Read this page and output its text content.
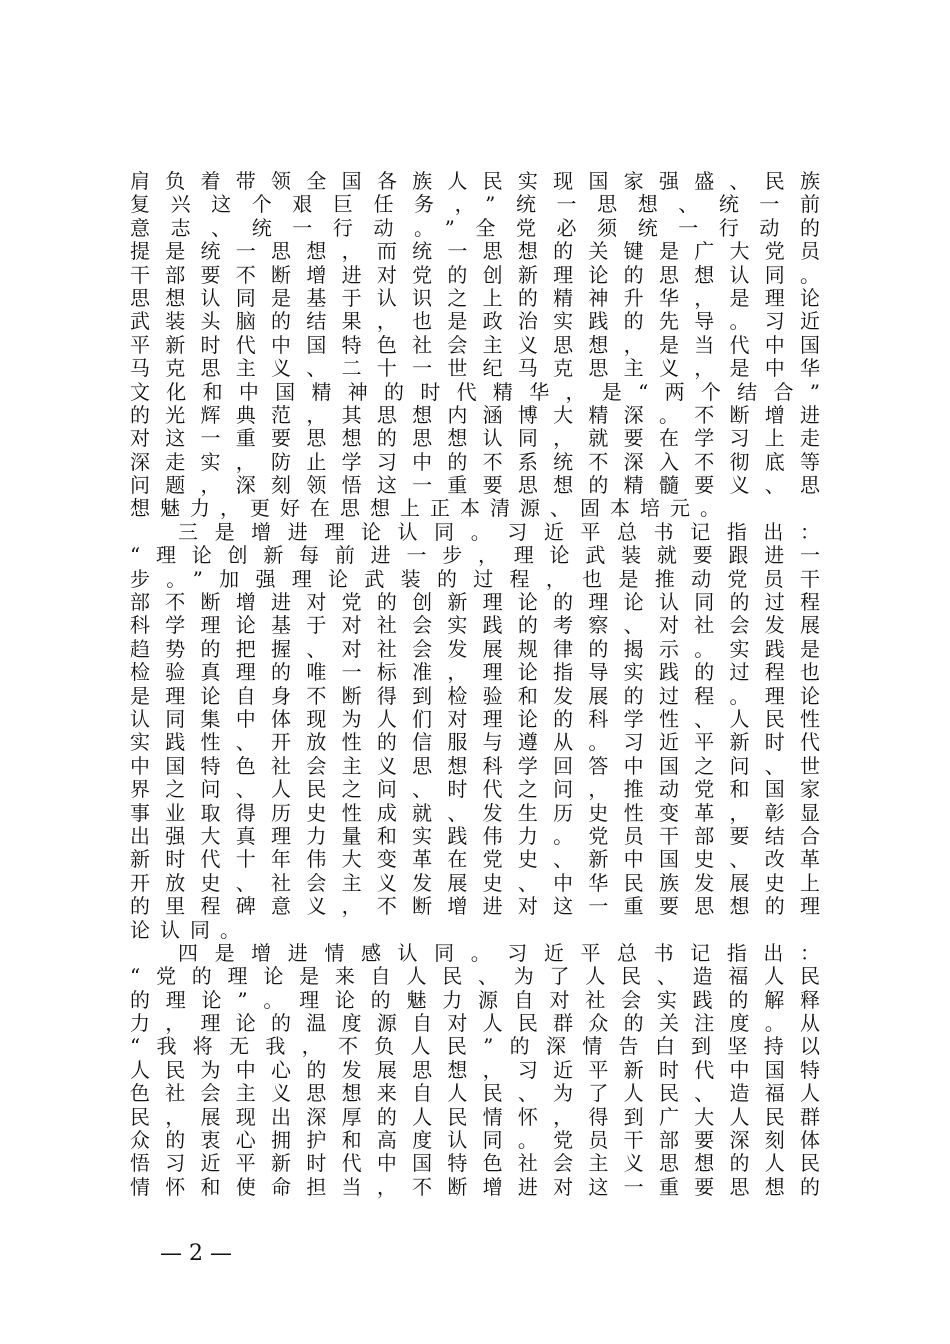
肩负着带领全国各族人民实现国家强盛、民族
复兴这个艰巨任务，”统一思想、统一前
意志、统一行动。”全党必须统一行动的
提是统一思想，而统一思想的关键是广大党员
干部要不断增进对党的创新理论的思想认同。
思想认同是基于认识之上的精神升华，是理论
武装头脑的结果，也是政治实践的先导。习近
平新时代中国特色社会主义思想，是当代中国
马克思主义、二十一世纪马克思主义，是中华
文化和中国精神的时代精华，是“两个结合”
的光辉典范，其思想内涵博大精深。不断增进
对这一重要思想的思想认同，就要在学习上走
深走实，防止学习中的不系统不深入不彻底等
问题，深刻领悟这一重要思想的精髓要义、思
想魅力，更好在思想上正本清源、固本培元。
三是增进理论认同。习近平总书记指出：
“理论创新每前进一步，理论武装就要跟进一
步。”加强理论武装的过程，也是推动党员干
部不断增进对党的创新理论的理论认同的过程
科学理论基于对社会实践的考察、对社会发展
趋势的把握、对社会发展规律的揭示。实践是
检验真理的唯一标准，理论指导实践的过程也
是理论自身不断得到检验和发展的过程。理论
认同集中体现为人们对理论的科学性、人民性
实践性、开放性的信服与遵从。习近平新时代
中国特色社会主义思想科学回答中国之问、世
界之问、人民之问、时代之问，推动党和国家
事业取得历史性成就、发生历史性变革，彰显
出强大真理力量和实践伟力。党员干部要结合
新时代十年伟大变革在党史、新中国史、改革
开放史、社会主义发展史、中华民族发展史上
的里程碑意义，不断增进对这一重要思想的理
论认同。
四是增进情感认同。习近平总书记指出：
“党的理论是来自人民、为了人民、造福人民
的理论”。理论的魅力源自对社会实践的解释
力，理论的温度源自对人民群众的关注度。从
“我将无我，不负人民”的深情告白到坚持以
人民为中心的发展思想，习近平新时代中国特
色社会主义思想来自人民、为了人民、造福人
民，展现出深厚的人民情怀，得到广大人民群
众的衷心拥护和高度认同。党员干部要深刻体
悟习近平新时代中国特色社会主义思想的人民
情怀和使命担当，不断增进对这一重要思想的
— 2 —
